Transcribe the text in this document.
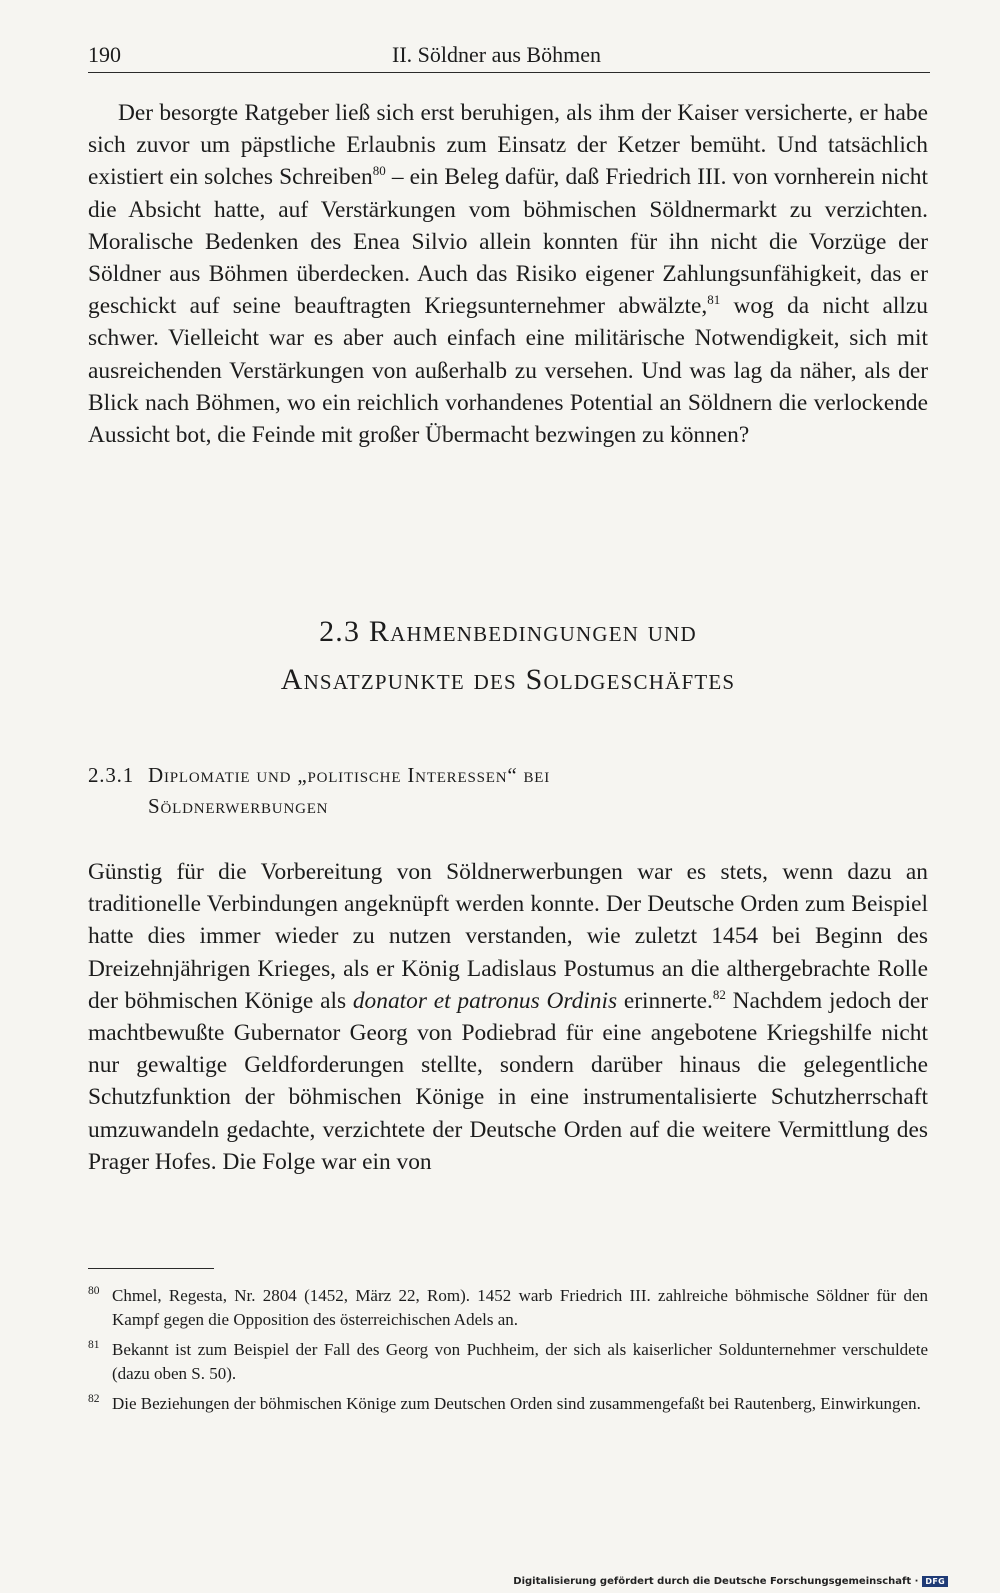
190	II. Söldner aus Böhmen

Der besorgte Ratgeber ließ sich erst beruhigen, als ihm der Kaiser versicherte, er habe sich zuvor um päpstliche Erlaubnis zum Einsatz der Ketzer bemüht. Und tatsächlich existiert ein solches Schreiben$^{80}$ – ein Beleg dafür, daß Friedrich III. von vornherein nicht die Absicht hatte, auf Verstärkungen vom böhmischen Söldnermarkt zu verzichten. Moralische Bedenken des Enea Silvio allein konnten für ihn nicht die Vorzüge der Söldner aus Böhmen überdecken. Auch das Risiko eigener Zahlungsunfähigkeit, das er geschickt auf seine beauftragten Kriegsunternehmer abwälzte,$^{81}$ wog da nicht allzu schwer. Vielleicht war es aber auch einfach eine militärische Notwendigkeit, sich mit ausreichenden Verstärkungen von außerhalb zu versehen. Und was lag da näher, als der Blick nach Böhmen, wo ein reichlich vorhandenes Potential an Söldnern die verlockende Aussicht bot, die Feinde mit großer Übermacht bezwingen zu können?

2.3 Rahmenbedingungen und
Ansatzpunkte des Soldgeschäftes
2.3.1 Diplomatie und „politische Interessen“ bei
Söldnerwerbungen

Günstig für die Vorbereitung von Söldnerwerbungen war es stets, wenn dazu an traditionelle Verbindungen angeknüpft werden konnte. Der Deutsche Orden zum Beispiel hatte dies immer wieder zu nutzen verstanden, wie zuletzt 1454 bei Beginn des Dreizehnjährigen Krieges, als er König Ladislaus Postumus an die althergebrachte Rolle der böhmischen Könige als donator et patronus Ordinis erinnerte.$^{82}$ Nachdem jedoch der machtbewußte Gubernator Georg von Podiebrad für eine angebotene Kriegshilfe nicht nur gewaltige Geldforderungen stellte, sondern darüber hinaus die gelegentliche Schutzfunktion der böhmischen Könige in eine instrumentalisierte Schutzherrschaft umzuwandeln gedachte, verzichtete der Deutsche Orden auf die weitere Vermittlung des Prager Hofes. Die Folge war ein von

80 Chmel, Regesta, Nr. 2804 (1452, März 22, Rom). 1452 warb Friedrich III. zahlreiche böhmische Söldner für den Kampf gegen die Opposition des österreichischen Adels an.

81 Bekannt ist zum Beispiel der Fall des Georg von Puchheim, der sich als kaiserlicher Soldunternehmer verschuldete (dazu oben S. 50).

82 Die Beziehungen der böhmischen Könige zum Deutschen Orden sind zusammengefaßt bei Rautenberg, Einwirkungen.

Digitalisierung gefördert durch die Deutsche Forschungsgemeinschaft · DFG
